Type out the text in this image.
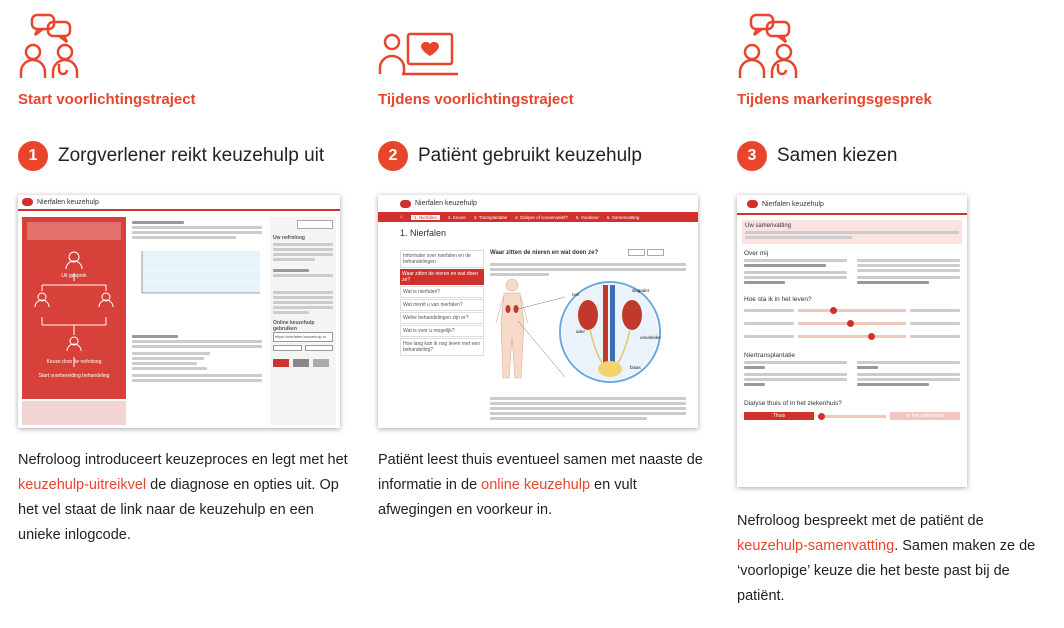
Start voorlichtingstraject
1	Zorgverlener reikt keuzehulp uit
Nierfalen keuzehulp
Uit gesprek
Keuze door de nefroloog
Start voorbereiding behandeling
Uw nefroloog
Online keuzehulp gebruiken
https://nierfalen.keuzehulp.nl

Nefroloog introduceert keuzeproces en legt met het keuzehulp-uitreikvel de diagnose en opties uit. Op het vel staat de link naar de keuzehulp en een unieke inlogcode.

Tijdens voorlichtingstraject
2	Patiënt gebruikt keuzehulp
Nierfalen keuzehulp
⌂	1. Nierfalen	2. Keuze 3. Transplantatie 4. Dialyse of conservatief? 5. Voorkeur 6. Samenvatting
1. Nierfalen
Informatie over nierfalen en de behandelingen
Waar zitten de nieren en wat doen ze?
Wat is nierfalen?
Wat merkt u van nierfalen?
Welke behandelingen zijn er?
Wat is voor u mogelijk?
Hoe lang kan ik nog leven met een behandeling?
Waar zitten de nieren en wat doen ze?
nier
slagader
ader
urineleider
blaas

Patiënt leest thuis eventueel samen met naaste de informatie in de online keuzehulp en vult afwegingen en voorkeur in.

Tijdens markeringsgesprek
3	Samen kiezen
Nierfalen keuzehulp
Uw samenvatting
Over mij
Hoe sta ik in het leven?
Niertransplantatie
Dialyse thuis of in het ziekenhuis?
Thuis	In het ziekenhuis

Nefroloog bespreekt met de patiënt de keuzehulp-samenvatting. Samen maken ze de ‘voorlopige’ keuze die het beste past bij de patiënt.
